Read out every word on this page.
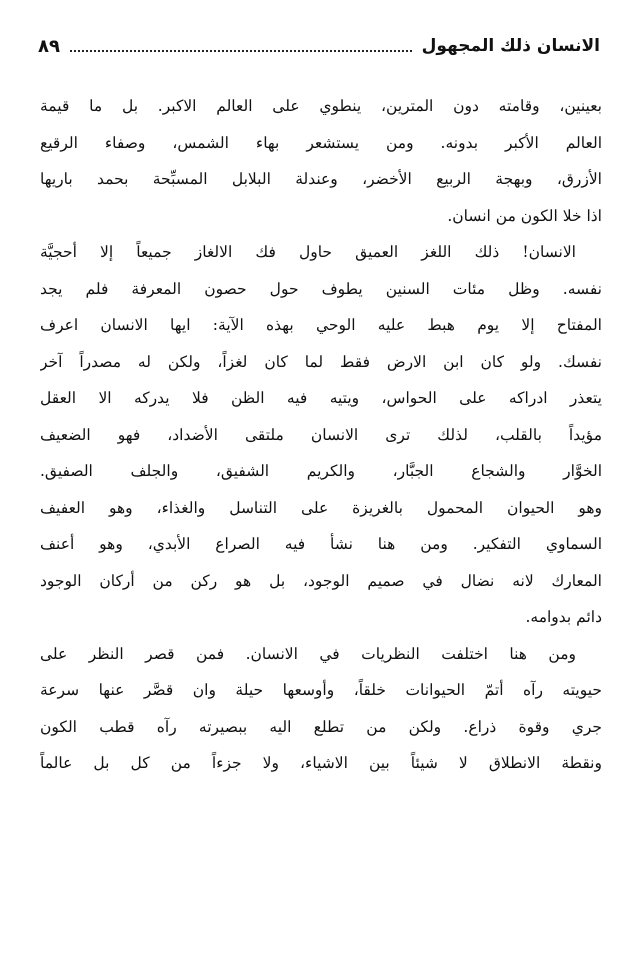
الانسان ذلك المجهول
٨٩
بعينين، وقامته دون المترين، ينطوي على العالم الاكبر. بل ما قيمة
العالم الأكبر بدونه. ومن يستشعر بهاء الشمس، وصفاء الرقيع
الأزرق، وبهجة الربيع الأخضر، وعندلة البلابل المسبِّحة بحمد باريها
اذا خلا الكون من انسان.
الانسان! ذلك اللغز العميق حاول فك الالغاز جميعاً إلا أحجيَّة
نفسه. وظل مئات السنين يطوف حول حصون المعرفة فلم يجد
المفتاح إلا يوم هبط عليه الوحي بهذه الآية: ايها الانسان اعرف
نفسك. ولو كان ابن الارض فقط لما كان لغزاً، ولكن له مصدراً آخر
يتعذر ادراكه على الحواس، ويتيه فيه الظن فلا يدركه الا العقل
مؤيداً بالقلب، لذلك ترى الانسان ملتقى الأضداد، فهو الضعيف
الخوَّار والشجاع الجبَّار، والكريم الشفيق، والجلف الصفيق.
وهو الحيوان المحمول بالغريزة على التناسل والغذاء، وهو العفيف
السماوي التفكير. ومن هنا نشأ فيه الصراع الأبدي، وهو أعنف
المعارك لانه نضال في صميم الوجود، بل هو ركن من أركان الوجود
دائم بدوامه.
ومن هنا اختلفت النظريات في الانسان. فمن قصر النظر على
حيويته رآه أتمّ الحيوانات خلقاً، وأوسعها حيلة وان قصَّر عنها سرعة
جري وقوة ذراع. ولكن من تطلع اليه ببصيرته رآه قطب الكون
ونقطة الانطلاق لا شيئاً بين الاشياء، ولا جزءاً من كل بل عالماً
